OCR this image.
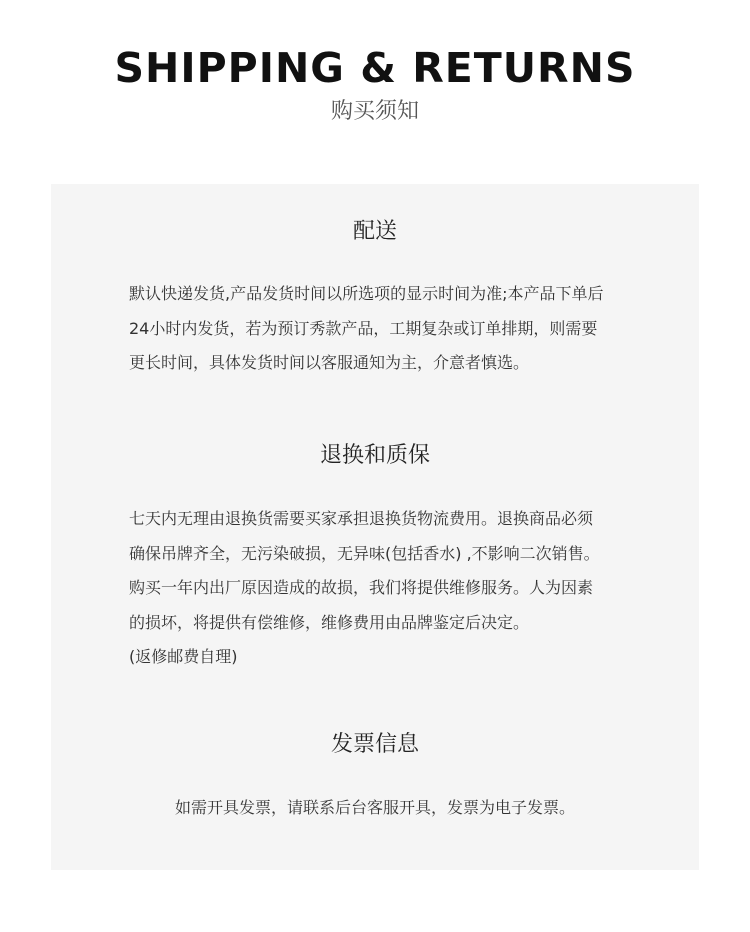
SHIPPING & RETURNS
购买须知
配送
默认快递发货,产品发货时间以所选项的显示时间为准;本产品下单后
24小时内发货，若为预订秀款产品，工期复杂或订单排期，则需要
更长时间，具体发货时间以客服通知为主，介意者慎选。
退换和质保
七天内无理由退换货需要买家承担退换货物流费用。退换商品必须
确保吊牌齐全，无污染破损，无异味(包括香水) ,不影响二次销售。
购买一年内出厂原因造成的故损，我们将提供维修服务。人为因素
的损坏，将提供有偿维修，维修费用由品牌鉴定后决定。
(返修邮费自理)
发票信息
如需开具发票，请联系后台客服开具，发票为电子发票。
